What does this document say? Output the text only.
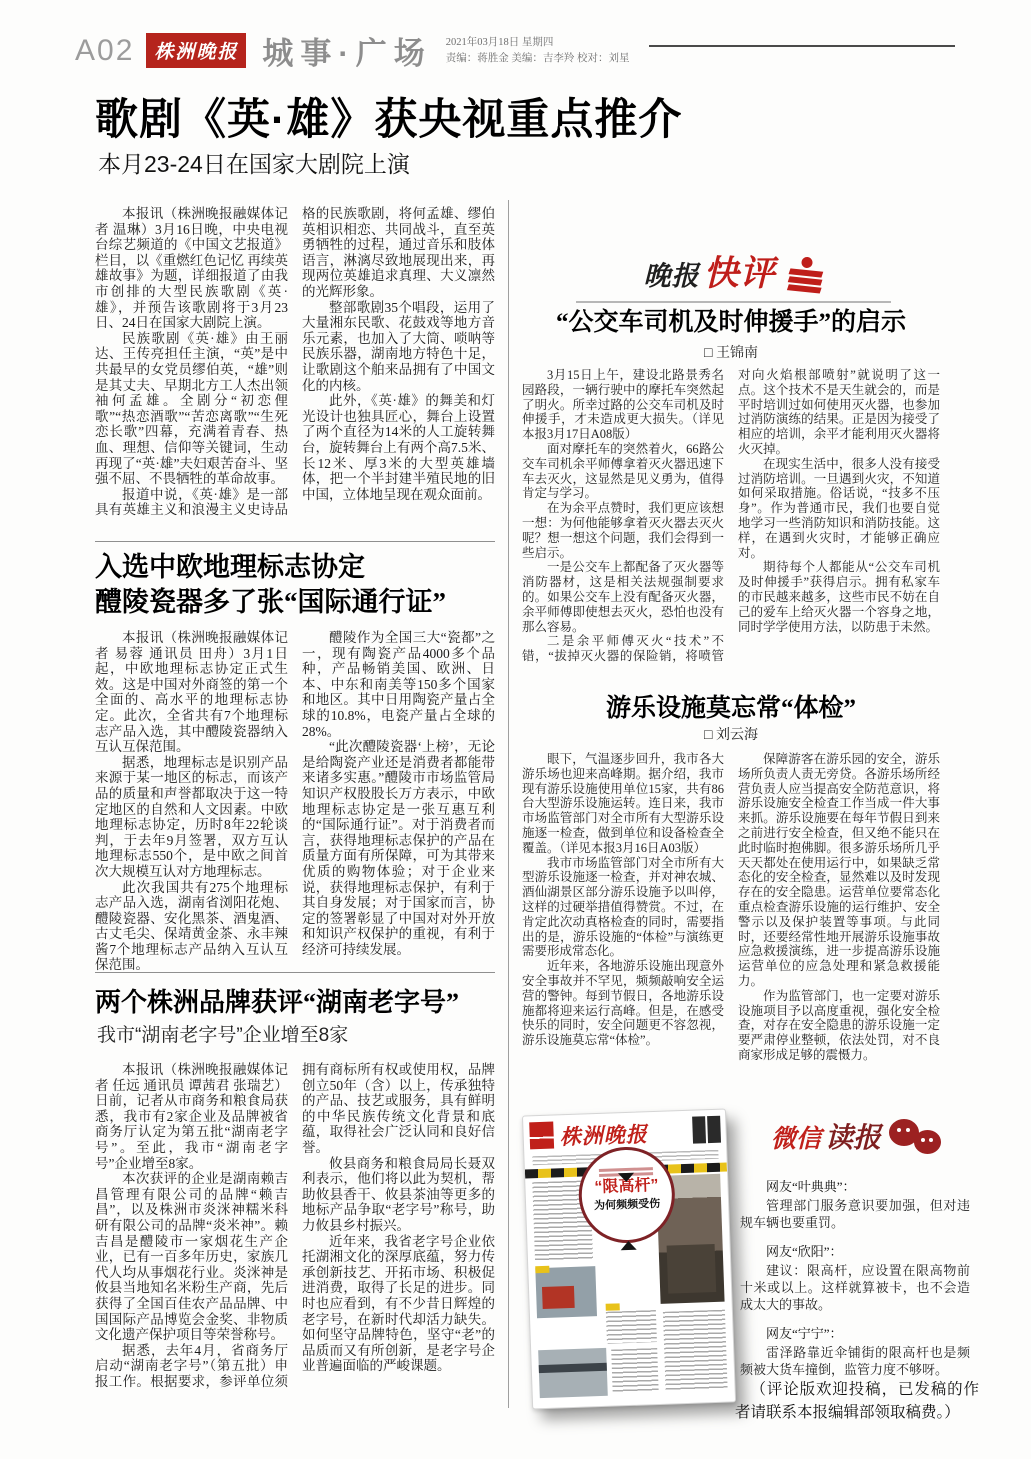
A02	株洲晚报 城事·广场 2021年03月18日 星期四
责编：蒋胜金 美编：吉李羚 校对：刘星
歌剧《英·雄》获央视重点推介
本月23-24日在国家大剧院上演

本报讯（株洲晚报融媒体记者 温琳）3月16日晚，中央电视台综艺频道的《中国文艺报道》栏目，以《重燃红色记忆 再续英雄故事》为题，详细报道了由我市创排的大型民族歌剧《英·雄》，并预告该歌剧将于3月23日、24日在国家大剧院上演。

民族歌剧《英·雄》由王丽达、王传亮担任主演，“英”是中共最早的女党员缪伯英，“雄”则是其丈夫、早期北方工人杰出领袖何孟雄。全剧分“初恋俚歌”“热恋酒歌”“苦恋离歌”“生死恋长歌”四幕，充满着青春、热血、理想、信仰等关键词，生动再现了“英·雄”夫妇艰苦奋斗、坚强不屈、不畏牺牲的革命故事。

报道中说，《英·雄》是一部具有英雄主义和浪漫主义史诗品格的民族歌剧，将何孟雄、缪伯英相识相恋、共同战斗，直至英勇牺牲的过程，通过音乐和肢体语言，淋漓尽致地展现出来，再现两位英雄追求真理、大义凛然的光辉形象。

整部歌剧35个唱段，运用了大量湘东民歌、花鼓戏等地方音乐元素，也加入了大筒、唢呐等民族乐器，湖南地方特色十足，让歌剧这个舶来品拥有了中国文化的内核。

此外，《英·雄》的舞美和灯光设计也独具匠心，舞台上设置了两个直径为14米的人工旋转舞台，旋转舞台上有两个高7.5米、长12米、厚3米的大型英雄墙体，把一个半封建半殖民地的旧中国，立体地呈现在观众面前。

入选中欧地理标志协定
醴陵瓷器多了张“国际通行证”

本报讯（株洲晚报融媒体记者 易蓉 通讯员 田舟）3月1日起，中欧地理标志协定正式生效。这是中国对外商签的第一个全面的、高水平的地理标志协定。此次，全省共有7个地理标志产品入选，其中醴陵瓷器纳入互认互保范围。

据悉，地理标志是识别产品来源于某一地区的标志，而该产品的质量和声誉都取决于这一特定地区的自然和人文因素。中欧地理标志协定，历时8年22轮谈判，于去年9月签署，双方互认地理标志550个，是中欧之间首次大规模互认对方地理标志。

此次我国共有275个地理标志产品入选，湖南省浏阳花炮、醴陵瓷器、安化黑茶、酒鬼酒、古丈毛尖、保靖黄金茶、永丰辣酱7个地理标志产品纳入互认互保范围。

醴陵作为全国三大“瓷都”之一，现有陶瓷产品4000多个品种，产品畅销美国、欧洲、日本、中东和南美等150多个国家和地区。其中日用陶瓷产量占全球的10.8%，电瓷产量占全球的28%。

“此次醴陵瓷器‘上榜’，无论是给陶瓷产业还是消费者都能带来诸多实惠。”醴陵市市场监管局知识产权股股长万方表示，中欧地理标志协定是一张互惠互利的“国际通行证”。对于消费者而言，获得地理标志保护的产品在质量方面有所保障，可为其带来优质的购物体验；对于企业来说，获得地理标志保护，有利于其自身发展；对于国家而言，协定的签署彰显了中国对对外开放和知识产权保护的重视，有利于经济可持续发展。

两个株洲品牌获评“湖南老字号”
我市“湖南老字号”企业增至8家

本报讯（株洲晚报融媒体记者 任远 通讯员 谭茜君 张瑞艺）日前，记者从市商务和粮食局获悉，我市有2家企业及品牌被省商务厅认定为第五批“湖南老字号”。至此，我市“湖南老字号”企业增至8家。

本次获评的企业是湖南赖吉昌管理有限公司的品牌“赖吉昌”，以及株洲市炎洣神糯米科研有限公司的品牌“炎米神”。赖吉昌是醴陵市一家烟花生产企业，已有一百多年历史，家族几代人均从事烟花行业。炎洣神是攸县当地知名米粉生产商，先后获得了全国百佳农产品品牌、中国国际产品博览会金奖、非物质文化遗产保护项目等荣誉称号。

据悉，去年4月，省商务厅启动“湖南老字号”（第五批）申报工作。根据要求，参评单位须拥有商标所有权或使用权，品牌创立50年（含）以上，传承独特的产品、技艺或服务，具有鲜明的中华民族传统文化背景和底蕴，取得社会广泛认同和良好信誉。

攸县商务和粮食局局长聂双利表示，他们将以此为契机，帮助攸县香干、攸县茶油等更多的地标产品争取“老字号”称号，助力攸县乡村振兴。

近年来，我省老字号企业依托湖湘文化的深厚底蕴，努力传承创新技艺、开拓市场、积极促进消费，取得了长足的进步。同时也应看到，有不少昔日辉煌的老字号，在新时代却活力缺失。如何坚守品牌特色，坚守“老”的品质而又有所创新，是老字号企业普遍面临的严峻课题。

晚报 快评
“公交车司机及时伸援手”的启示
□ 王锦南

3月15日上午，建设北路景秀名园路段，一辆行驶中的摩托车突然起了明火。所幸过路的公交车司机及时伸援手，才未造成更大损失。（详见本报3月17日A08版）

面对摩托车的突然着火，66路公交车司机余平师傅拿着灭火器迅速下车去灭火，这显然是见义勇为，值得肯定与学习。

在为余平点赞时，我们更应该想一想：为何他能够拿着灭火器去灭火呢？想一想这个问题，我们会得到一些启示。

一是公交车上都配备了灭火器等消防器材，这是相关法规强制要求的。如果公交车上没有配备灭火器，余平师傅即使想去灭火，恐怕也没有那么容易。

二是余平师傅灭火“技术”不错，“拔掉灭火器的保险销，将喷管对向火焰根部喷射”就说明了这一点。这个技术不是天生就会的，而是平时培训过如何使用灭火器，也参加过消防演练的结果。正是因为接受了相应的培训，余平才能利用灭火器将火灭掉。

在现实生活中，很多人没有接受过消防培训。一旦遇到火灾，不知道如何采取措施。俗话说，“技多不压身”。作为普通市民，我们也要自觉地学习一些消防知识和消防技能。这样，在遇到火灾时，才能够正确应对。

期待每个人都能从“公交车司机及时伸援手”获得启示。拥有私家车的市民越来越多，这些市民不妨在自己的爱车上给灭火器一个容身之地，同时学学使用方法，以防患于未然。

游乐设施莫忘常“体检”
□ 刘云海

眼下，气温逐步回升，我市各大游乐场也迎来高峰期。据介绍，我市现有游乐设施使用单位15家，共有86台大型游乐设施运转。连日来，我市市场监管部门对全市所有大型游乐设施逐一检查，做到单位和设备检查全覆盖。（详见本报3月16日A03版）

我市市场监管部门对全市所有大型游乐设施逐一检查，并对神农城、酒仙湖景区部分游乐设施予以叫停，这样的过硬举措值得赞赏。不过，在肯定此次动真格检查的同时，需要指出的是，游乐设施的“体检”与演练更需要形成常态化。

近年来，各地游乐设施出现意外安全事故并不罕见，频频敲响安全运营的警钟。每到节假日，各地游乐设施都将迎来运行高峰。但是，在感受快乐的同时，安全问题更不容忽视，游乐设施莫忘常“体检”。

保障游客在游乐园的安全，游乐场所负责人责无旁贷。各游乐场所经营负责人应当提高安全防范意识，将游乐设施安全检查工作当成一件大事来抓。游乐设施要在每年节假日到来之前进行安全检查，但又绝不能只在此时临时抱佛脚。很多游乐场所几乎天天都处在使用运行中，如果缺乏常态化的安全检查，显然难以及时发现存在的安全隐患。运营单位要常态化重点检查游乐设施的运行维护、安全警示以及保护装置等事项。与此同时，还要经常性地开展游乐设施事故应急救援演练，进一步提高游乐设施运营单位的应急处理和紧急救援能力。

作为监管部门，也一定要对游乐设施项目予以高度重视，强化安全检查，对存在安全隐患的游乐设施一定要严肃停业整顿，依法处罚，对不良商家形成足够的震慑力。

株洲晚报
“限高杆”
为何频频受伤
微信 读报
网友“叶典典”：
管理部门服务意识要加强，但对违规车辆也要重罚。
网友“欣阳”：
建议：限高杆，应设置在限高物前十米或以上。这样就算被卡，也不会造成太大的事故。
网友“宁宁”：
雷泽路靠近伞铺街的限高杆也是频频被大货车撞倒，监管力度不够呀。
（评论版欢迎投稿，已发稿的作者请联系本报编辑部领取稿费。）
